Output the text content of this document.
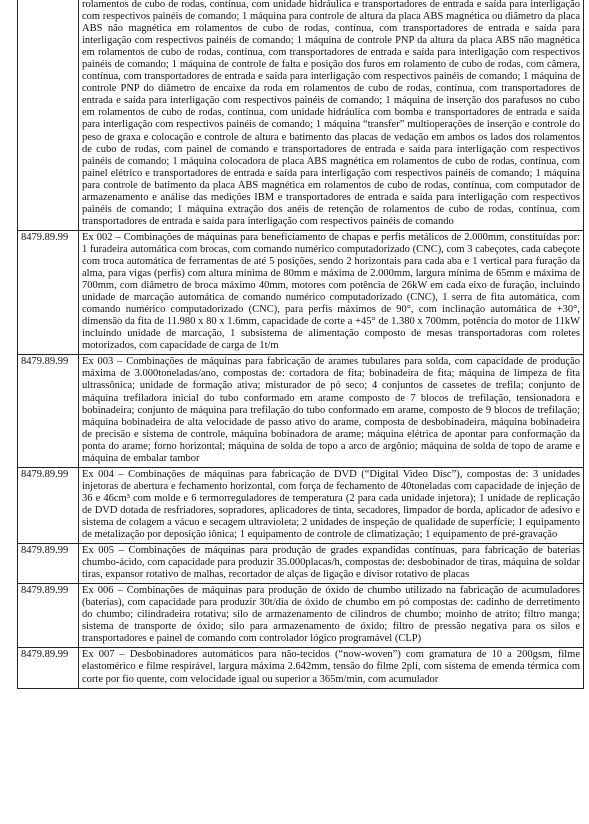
	rolamentos de cubo de rodas, contínua, com unidade hidráulica e transportadores de entrada e saída para interligação com respectivos painéis de comando; 1 máquina para controle de altura da placa ABS magnética ou diâmetro da placa ABS não magnética em rolamentos de cubo de rodas, contínua, com transportadores de entrada e saída para interligação com respectivos painéis de comando; 1 máquina de controle PNP da altura da placa ABS não magnética em rolamentos de cubo de rodas, contínua, com transportadores de entrada e saída para interligação com respectivos painéis de comando; 1 máquina de controle de falta e posição dos furos em rolamento de cubo de rodas, com câmera, contínua, com transportadores de entrada e saída para interligação com respectivos painéis de comando; 1 máquina de controle PNP do diâmetro de encaixe da roda em rolamentos de cubo de rodas, contínua, com transportadores de entrada e saída para interligação com respectivos painéis de comando; 1 máquina de inserção dos parafusos no cubo em rolamentos de cubo de rodas, contínua, com unidade hidráulica com bomba e transportadores de entrada e saída para interligação com respectivos painéis de comando; 1 máquina “transfer” multioperações de inserção e controle do peso de graxa e colocação e controle de altura e batimento das placas de vedação em ambos os lados dos rolamentos de cubo de rodas, com painel de comando e transportadores de entrada e saída para interligação com respectivos painéis de comando; 1 máquina colocadora de placa ABS magnética em rolamentos de cubo de rodas, contínua, com painel elétrico e transportadores de entrada e saída para interligação com respectivos painéis de comando; 1 máquina para controle de batimento da placa ABS magnética em rolamentos de cubo de rodas, contínua, com computador de armazenamento e análise das medições IBM e transportadores de entrada e saída para interligação com respectivos painéis de comando; 1 máquina extração dos anéis de retenção de rolamentos de cubo de rodas, contínua, com transportadores de entrada e saída para interligação com respectivos painéis de comando
8479.89.99	Ex 002 – Combinações de máquinas para beneficiamento de chapas e perfis metálicos de 2.000mm, constituídas por: 1 furadeira automática com brocas, com comando numérico computadorizado (CNC), com 3 cabeçotes, cada cabeçote com troca automática de ferramentas de até 5 posições, sendo 2 horizontais para cada aba e 1 vertical para furação da alma, para vigas (perfis) com altura mínima de 80mm e máxima de 2.000mm, largura mínima de 65mm e máxima de 700mm, com diâmetro de broca máximo 40mm, motores com potência de 26kW em cada eixo de furação, incluindo unidade de marcação automática de comando numérico computadorizado (CNC), 1 serra de fita automática, com comando numérico computadorizado (CNC), para perfis máximos de 90°, com inclinação automática de +30°, dimensão da fita de 11.980 x 80 x 1.6mm, capacidade de corte a +45° de 1.380 x 700mm, potência do motor de 11kW incluindo unidade de marcação, 1 subsistema de alimentação composto de mesas transportadoras com roletes motorizados, com capacidade de carga de 1t/m
8479.89.99	Ex 003 – Combinações de máquinas para fabricação de arames tubulares para solda, com capacidade de produção máxima de 3.000toneladas/ano, compostas de: cortadora de fita; bobinadeira de fita; máquina de limpeza de fita ultrassônica; unidade de formação ativa; misturador de pó seco; 4 conjuntos de cassetes de trefila; conjunto de máquina trefiladora inicial do tubo conformado em arame composto de 7 blocos de trefilação, tensionadora e bobinadeira; conjunto de máquina para trefilação do tubo conformado em arame, composto de 9 blocos de trefilação; máquina bobinadeira de alta velocidade de passo ativo do arame, composta de desbobinadeira, máquina bobinadeira de precisão e sistema de controle, máquina bobinadora de arame; máquina elétrica de apontar para conformação da ponta do arame; forno horizontal; máquina de solda de topo a arco de argônio; máquina de solda de topo de arame e máquina de embalar tambor
8479.89.99	Ex 004 – Combinações de máquinas para fabricação de DVD (“Digital Video Disc”), compostas de: 3 unidades injetoras de abertura e fechamento horizontal, com força de fechamento de 40toneladas com capacidade de injeção de 36 e 46cm³ com molde e 6 termorreguladores de temperatura (2 para cada unidade injetora); 1 unidade de replicação de DVD dotada de resfriadores, sopradores, aplicadores de tinta, secadores, limpador de borda, aplicador de adesivo e sistema de colagem a vácuo e secagem ultravioleta; 2 unidades de inspeção de qualidade de superfície; 1 equipamento de metalização por deposição iônica; 1 equipamento de controle de climatização; 1 equipamento de pré-gravação
8479.89.99	Ex 005 – Combinações de máquinas para produção de grades expandidas contínuas, para fabricação de baterias chumbo-ácido, com capacidade para produzir 35.000placas/h, compostas de: desbobinador de tiras, máquina de soldar tiras, expansor rotativo de malhas, recortador de alças de ligação e divisor rotativo de placas
8479.89.99	Ex 006 – Combinações de máquinas para produção de óxido de chumbo utilizado na fabricação de acumuladores (baterias), com capacidade para produzir 30t/dia de óxido de chumbo em pó compostas de: cadinho de derretimento do chumbo; cilindradeira rotativa; silo de armazenamento de cilindros de chumbo; moinho de atrito; filtro manga; sistema de transporte de óxido; silo para armazenamento de óxido; filtro de pressão negativa para os silos e transportadores e painel de comando com controlador lógico programável (CLP)
8479.89.99	Ex 007 – Desbobinadores automáticos para não-tecidos (“now-woven”) com gramatura de 10 a 200gsm, filme elastomérico e filme respirável, largura máxima 2.642mm, tensão do filme 2pli, com sistema de emenda térmica com corte por fio quente, com velocidade igual ou superior a 365m/min, com acumulador
